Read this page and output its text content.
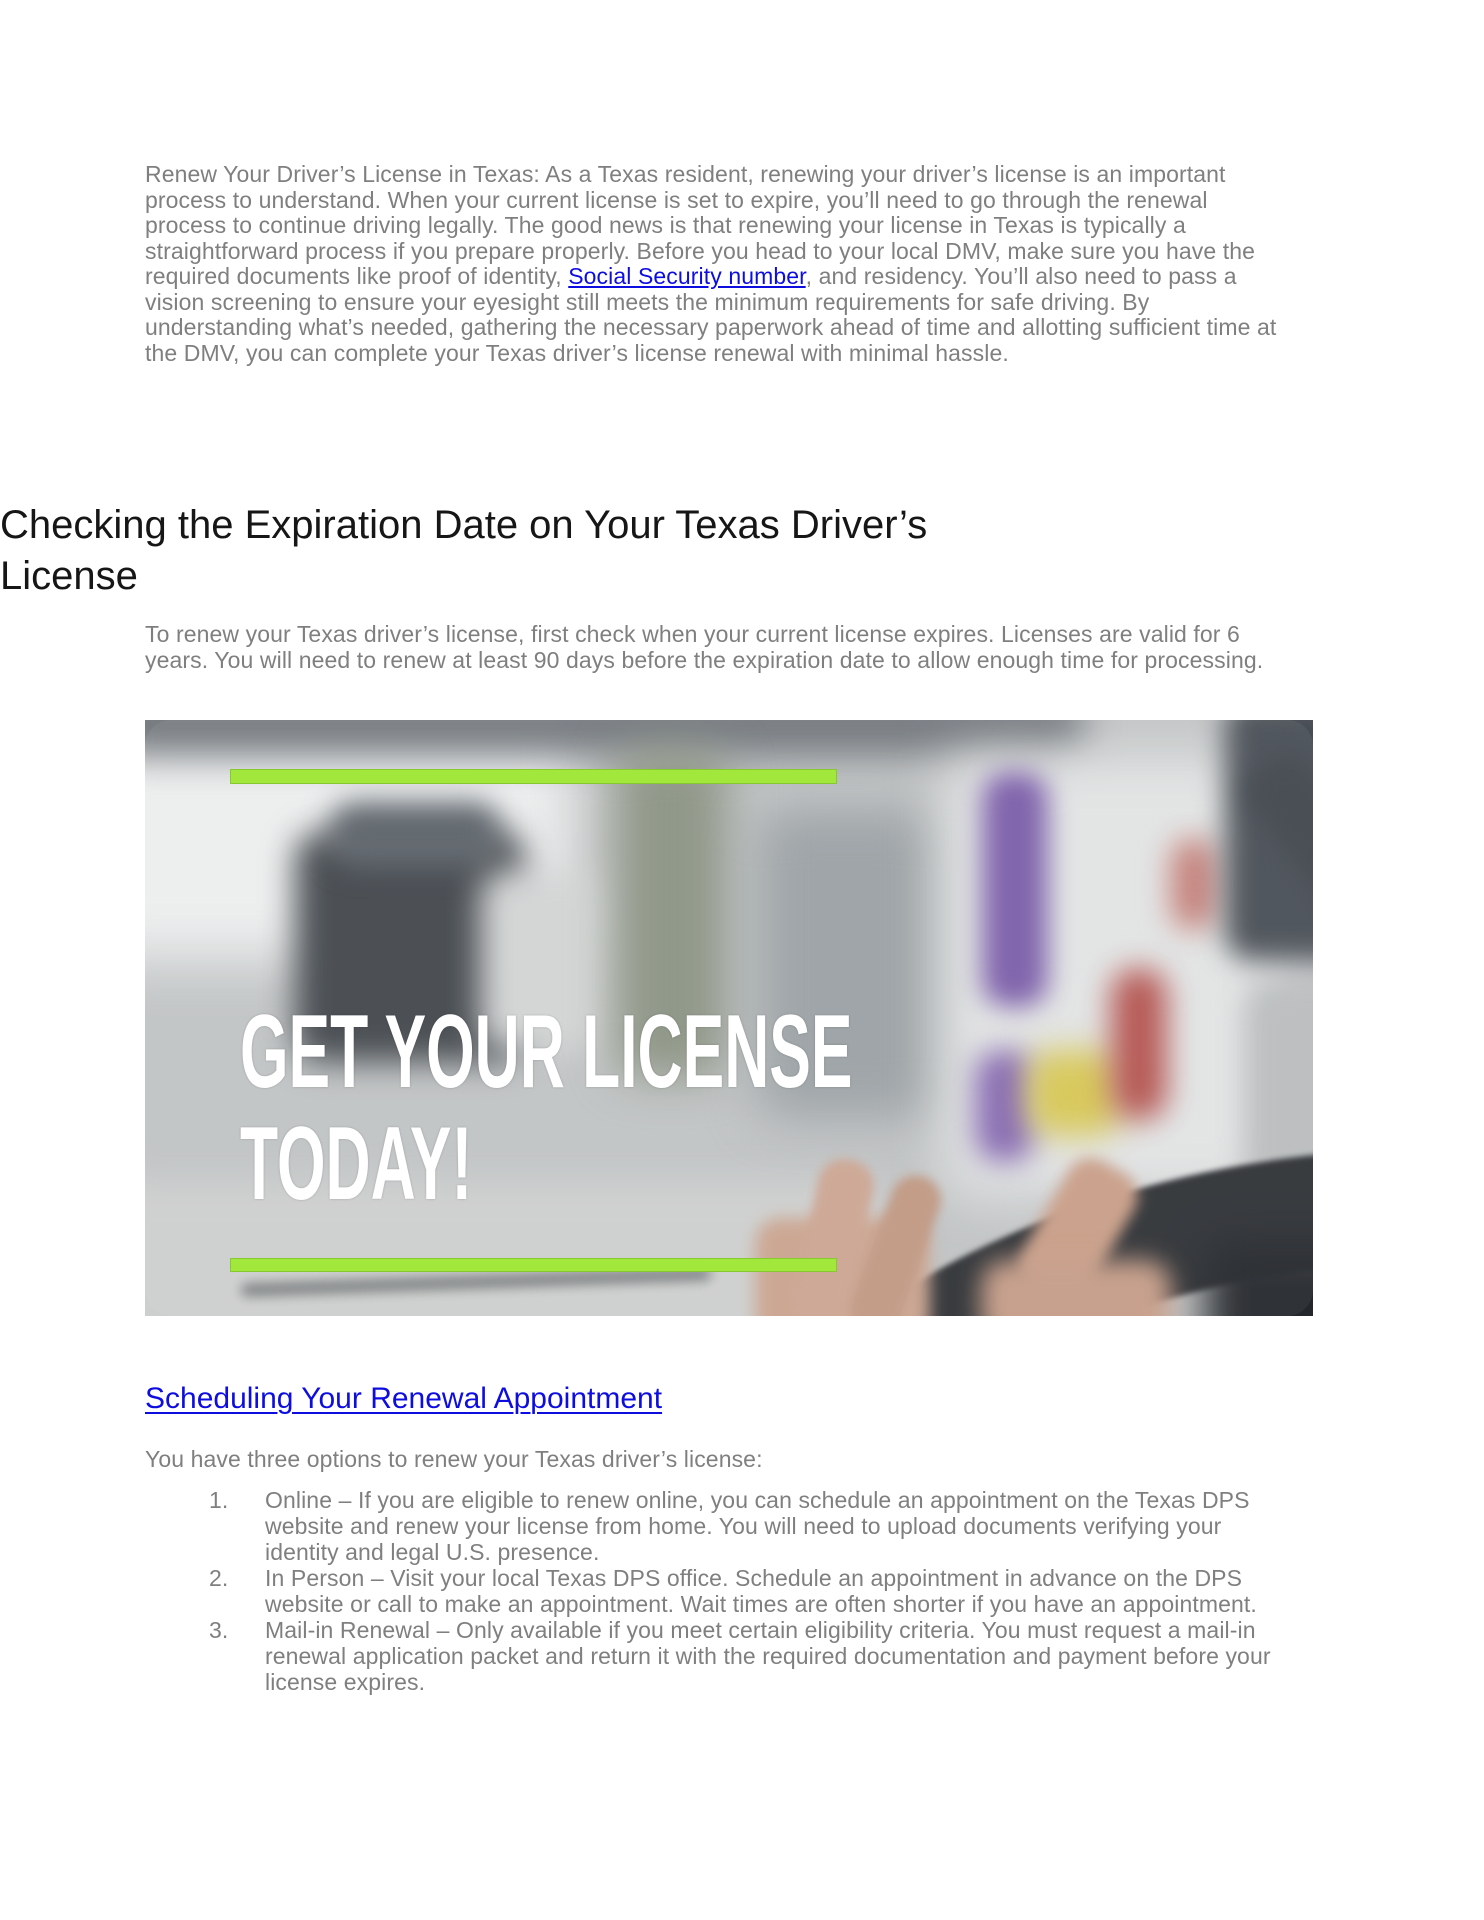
Renew Your Driver’s License in Texas: As a Texas resident, renewing your driver’s license is an important process to understand. When your current license is set to expire, you’ll need to go through the renewal process to continue driving legally. The good news is that renewing your license in Texas is typically a straightforward process if you prepare properly. Before you head to your local DMV, make sure you have the required documents like proof of identity, Social Security number, and residency. You’ll also need to pass a vision screening to ensure your eyesight still meets the minimum requirements for safe driving. By understanding what’s needed, gathering the necessary paperwork ahead of time and allotting sufficient time at the DMV, you can complete your Texas driver’s license renewal with minimal hassle.

Checking the Expiration Date on Your Texas Driver’s License

To renew your Texas driver’s license, first check when your current license expires. Licenses are valid for 6 years. You will need to renew at least 90 days before the expiration date to allow enough time for processing.

GET YOUR LICENSE
TODAY!
Scheduling Your Renewal Appointment

You have three options to renew your Texas driver’s license:

1. Online – If you are eligible to renew online, you can schedule an appointment on the Texas DPS website and renew your license from home. You will need to upload documents verifying your identity and legal U.S. presence.
2. In Person – Visit your local Texas DPS office. Schedule an appointment in advance on the DPS website or call to make an appointment. Wait times are often shorter if you have an appointment.
3. Mail-in Renewal – Only available if you meet certain eligibility criteria. You must request a mail-in renewal application packet and return it with the required documentation and payment before your license expires.
